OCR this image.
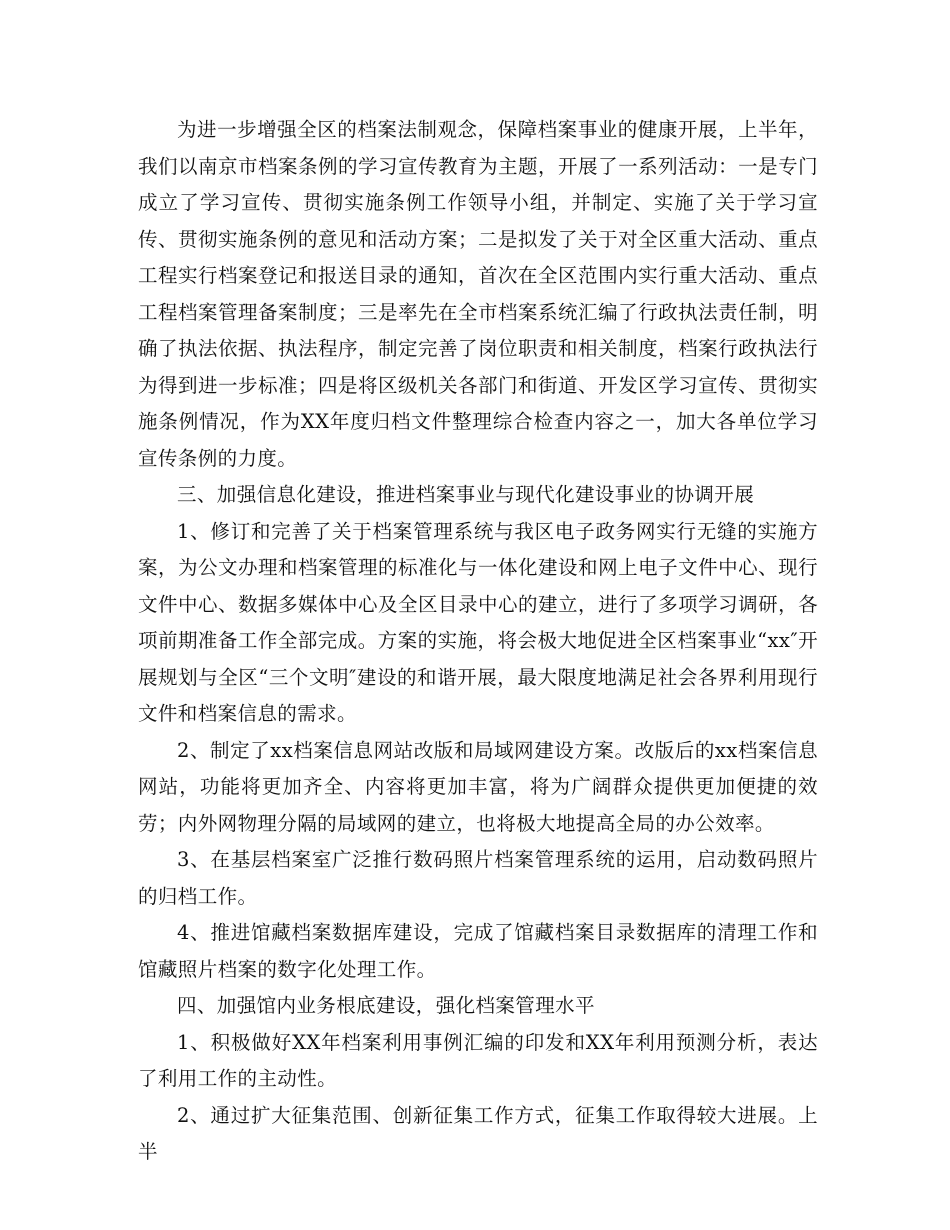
为进一步增强全区的档案法制观念，保障档案事业的健康开展，上半年，我们以南京市档案条例的学习宣传教育为主题，开展了一系列活动：一是专门成立了学习宣传、贯彻实施条例工作领导小组，并制定、实施了关于学习宣传、贯彻实施条例的意见和活动方案；二是拟发了关于对全区重大活动、重点工程实行档案登记和报送目录的通知，首次在全区范围内实行重大活动、重点工程档案管理备案制度；三是率先在全市档案系统汇编了行政执法责任制，明确了执法依据、执法程序，制定完善了岗位职责和相关制度，档案行政执法行为得到进一步标准；四是将区级机关各部门和街道、开发区学习宣传、贯彻实施条例情况，作为XX年度归档文件整理综合检查内容之一，加大各单位学习宣传条例的力度。

三、加强信息化建设，推进档案事业与现代化建设事业的协调开展

1、修订和完善了关于档案管理系统与我区电子政务网实行无缝的实施方案，为公文办理和档案管理的标准化与一体化建设和网上电子文件中心、现行文件中心、数据多媒体中心及全区目录中心的建立，进行了多项学习调研，各项前期准备工作全部完成。方案的实施，将会极大地促进全区档案事业“xx″开展规划与全区“三个文明″建设的和谐开展，最大限度地满足社会各界利用现行文件和档案信息的需求。

2、制定了xx档案信息网站改版和局域网建设方案。改版后的xx档案信息网站，功能将更加齐全、内容将更加丰富，将为广阔群众提供更加便捷的效劳；内外网物理分隔的局域网的建立，也将极大地提高全局的办公效率。

3、在基层档案室广泛推行数码照片档案管理系统的运用，启动数码照片的归档工作。

4、推进馆藏档案数据库建设，完成了馆藏档案目录数据库的清理工作和馆藏照片档案的数字化处理工作。

四、加强馆内业务根底建设，强化档案管理水平

1、积极做好XX年档案利用事例汇编的印发和XX年利用预测分析，表达了利用工作的主动性。

2、通过扩大征集范围、创新征集工作方式，征集工作取得较大进展。上半
